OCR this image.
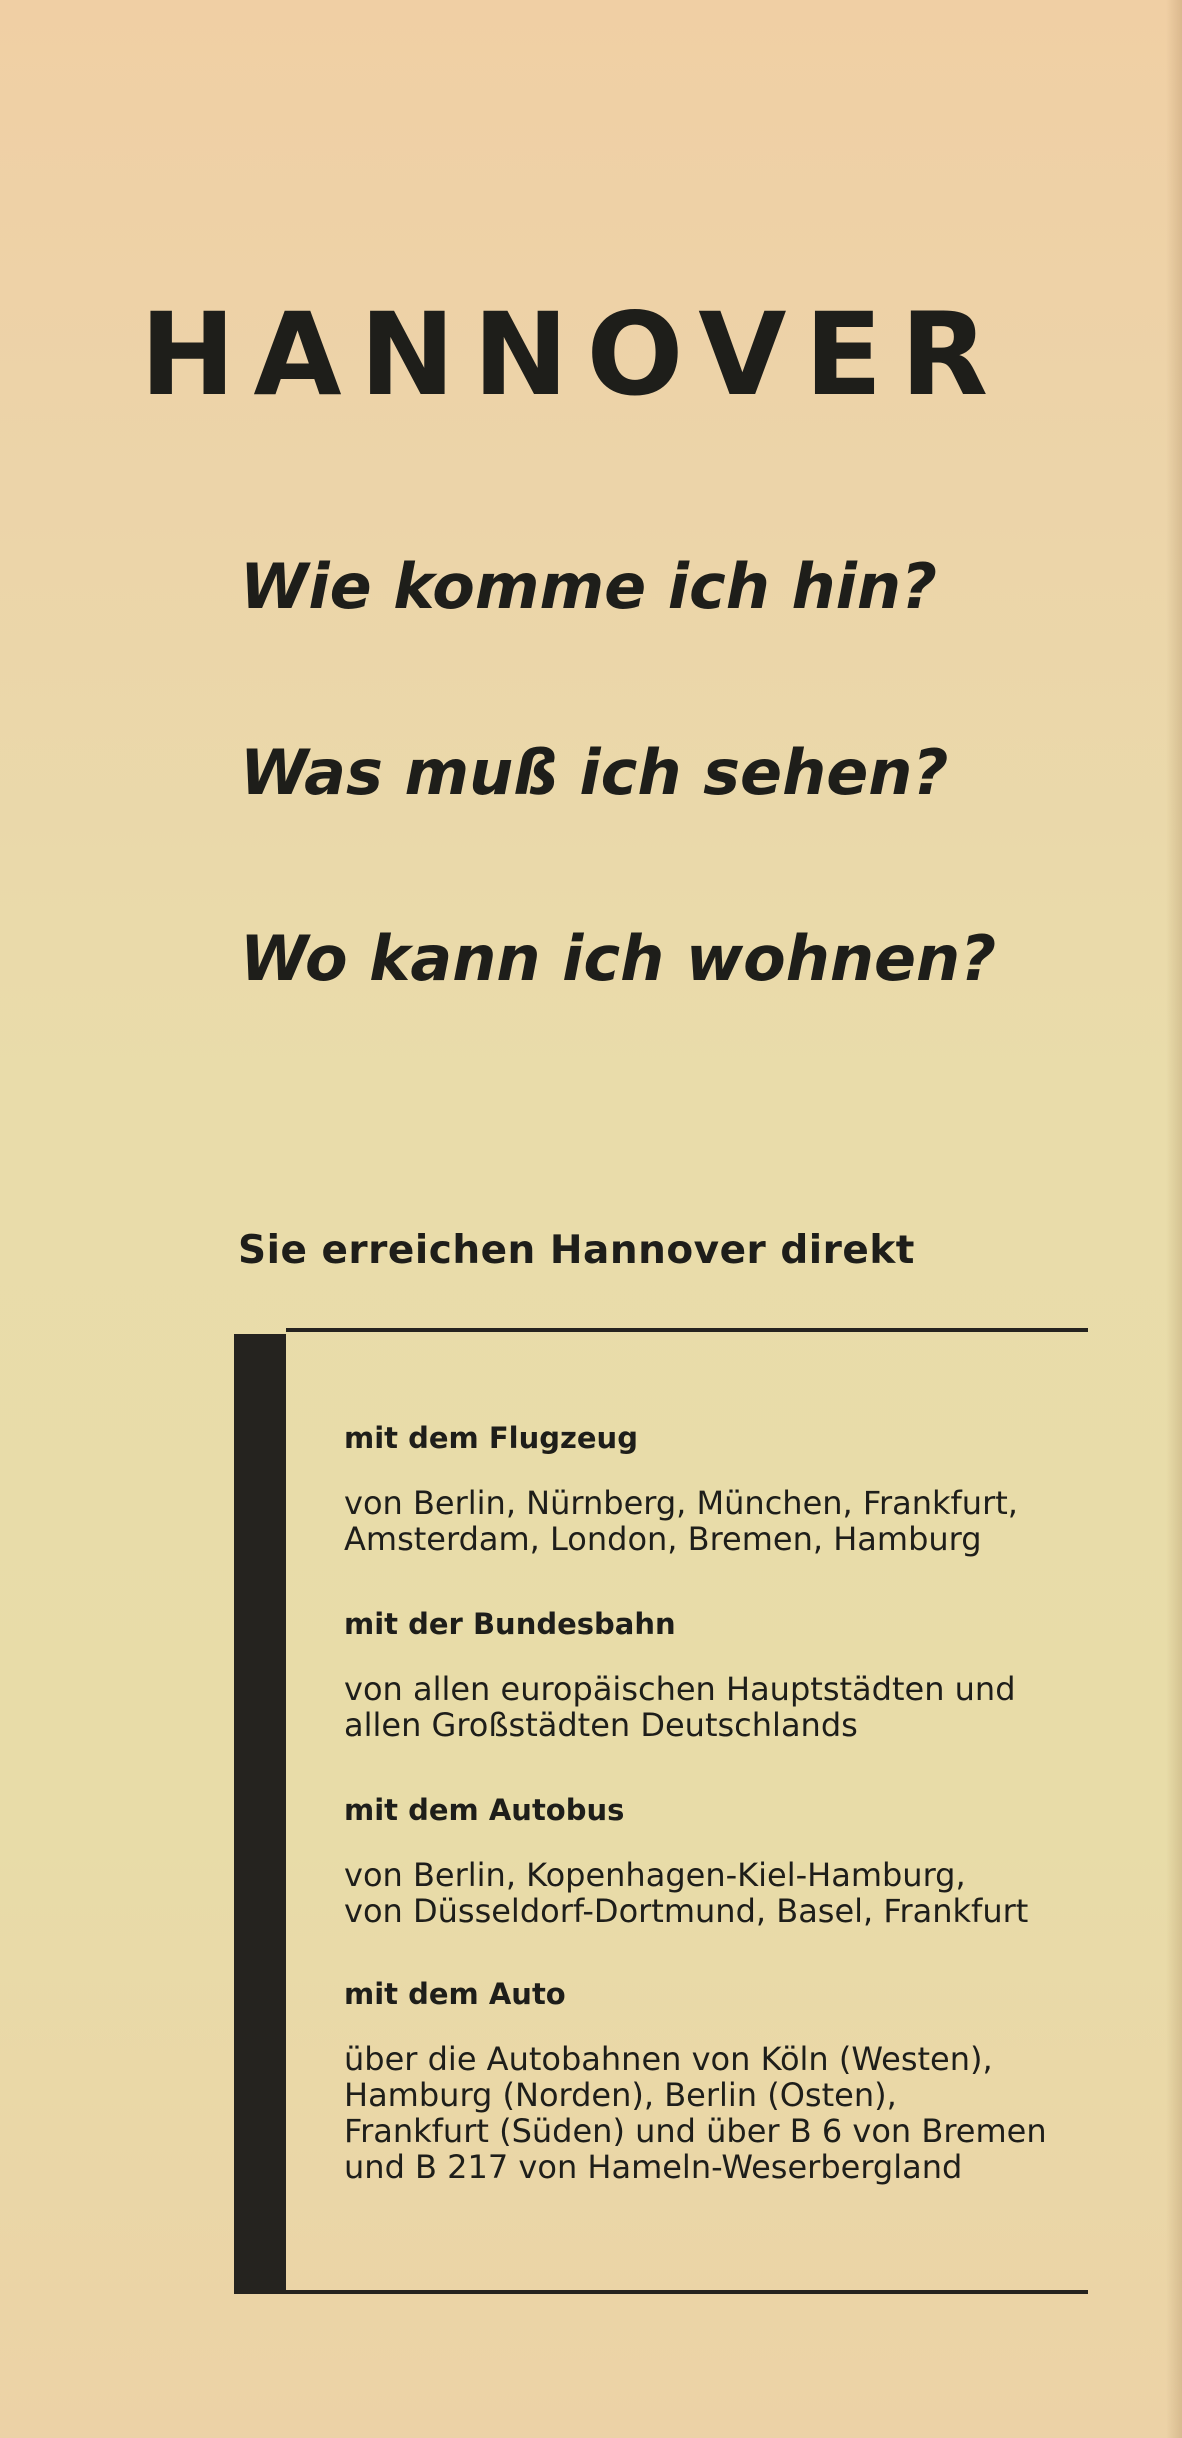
HANNOVER
Wie komme ich hin?
Was muß ich sehen?
Wo kann ich wohnen?
Sie erreichen Hannover direkt

mit dem Flugzeug

von Berlin, Nürnberg, München, Frankfurt,
Amsterdam, London, Bremen, Hamburg

mit der Bundesbahn

von allen europäischen Hauptstädten und
allen Großstädten Deutschlands

mit dem Autobus

von Berlin, Kopenhagen-Kiel-Hamburg,
von Düsseldorf-Dortmund, Basel, Frankfurt

mit dem Auto

über die Autobahnen von Köln (Westen),
Hamburg (Norden), Berlin (Osten),
Frankfurt (Süden) und über B 6 von Bremen
und B 217 von Hameln-Weserbergland
